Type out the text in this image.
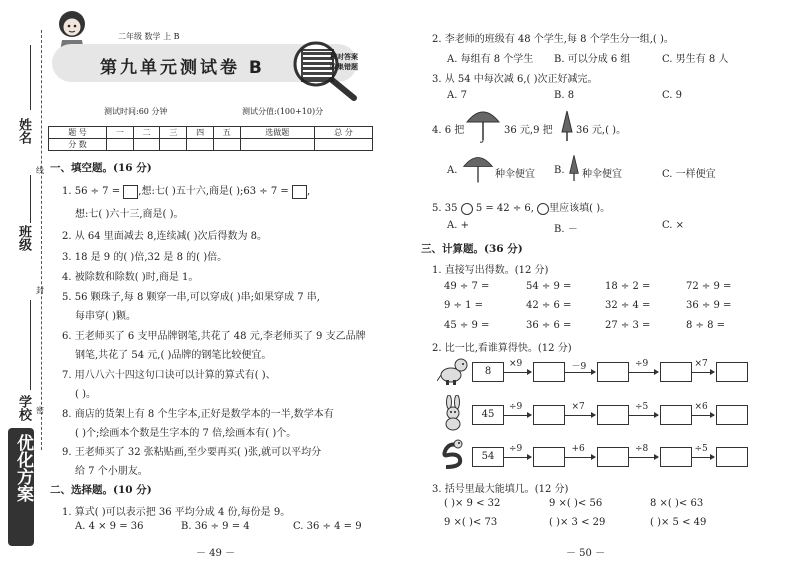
姓名
班级
学校
线
封
密
优化方案
二年级 数学 上 B
第九单元测试卷 B
核对答案
收集错题
测试时间:60 分钟	测试分值:(100+10)分
题 号	一	二	三	四	五	选做题	总 分
分 数							
一、填空题。(16 分)
1. 56 ÷ 7 = ,想:七( )五十六,商是( );63 ÷ 7 = ,
想:七( )六十三,商是( )。
2. 从 64 里面减去 8,连续减( )次后得数为 8。
3. 18 是 9 的( )倍,32 是 8 的( )倍。
4. 被除数和除数( )时,商是 1。
5. 56 颗珠子,每 8 颗穿一串,可以穿成( )串;如果穿成 7 串,
每串穿( )颗。
6. 王老师买了 6 支甲品牌钢笔,共花了 48 元,李老师买了 9 支乙品牌
钢笔,共花了 54 元,( )品牌的钢笔比较便宜。
7. 用八八六十四这句口诀可以计算的算式有( )、
( )。
8. 商店的货架上有 8 个生字本,正好是数学本的一半,数学本有
( )个;绘画本个数是生字本的 7 倍,绘画本有( )个。
9. 王老师买了 32 张粘贴画,至少要再买( )张,就可以平均分
给 7 个小朋友。
二、选择题。(10 分)
1. 算式( )可以表示把 36 平均分成 4 份,每份是 9。
A. 4 × 9 = 36	B. 36 ÷ 9 = 4	C. 36 ÷ 4 = 9
－ 49 －
2. 李老师的班级有 48 个学生,每 8 个学生分一组,( )。
A. 每组有 8 个学生 B. 可以分成 6 组	C. 男生有 8 人
3. 从 54 中每次减 6,( )次正好减完。
A. 7	B. 8	C. 9
4. 6 把	36 元,9 把 36 元,( )。
A.	种伞便宜 B. 种伞便宜	C. 一样便宜
5. 35 5 = 42 ÷ 6, 里应该填( )。
A. +	B. －	C. ×
三、计算题。(36 分)
1. 直接写出得数。(12 分)
49 ÷ 7 =	54 ÷ 9 =	18 ÷ 2 =	72 ÷ 9 =
9 ÷ 1 =	42 ÷ 6 =	32 ÷ 4 =	36 ÷ 9 =
45 ÷ 9 =	36 ÷ 6 =	27 ÷ 3 =	8 ÷ 8 =
2. 比一比,看谁算得快。(12 分)
8
×9	－9	÷9	×7
45
÷9	×7	÷5	×6
54
÷9	+6	÷8	÷5
3. 括号里最大能填几。(12 分)
( )× 9 < 32	9 ×( )< 56	8 ×( )< 63
9 ×( )< 73	( )× 3 < 29	( )× 5 < 49
－ 50 －
